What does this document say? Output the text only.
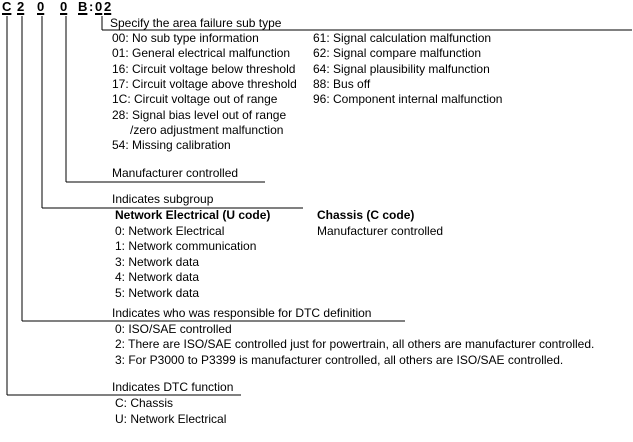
C 2 0 0 B : 0 2
Specify the area failure sub type
00: No sub type information
01: General electrical malfunction
16: Circuit voltage below threshold
17: Circuit voltage above threshold
1C: Circuit voltage out of range
28: Signal bias level out of range
/zero adjustment malfunction
54: Missing calibration
61: Signal calculation malfunction
62: Signal compare malfunction
64: Signal plausibility malfunction
88: Bus off
96: Component internal malfunction
Manufacturer controlled
Indicates subgroup
Network Electrical (U code)
0: Network Electrical
1: Network communication
3: Network data
4: Network data
5: Network data
Chassis (C code)
Manufacturer controlled
Indicates who was responsible for DTC definition
0: ISO/SAE controlled
2: There are ISO/SAE controlled just for powertrain, all others are manufacturer controlled.
3: For P3000 to P3399 is manufacturer controlled, all others are ISO/SAE controlled.
Indicates DTC function
C: Chassis
U: Network Electrical
